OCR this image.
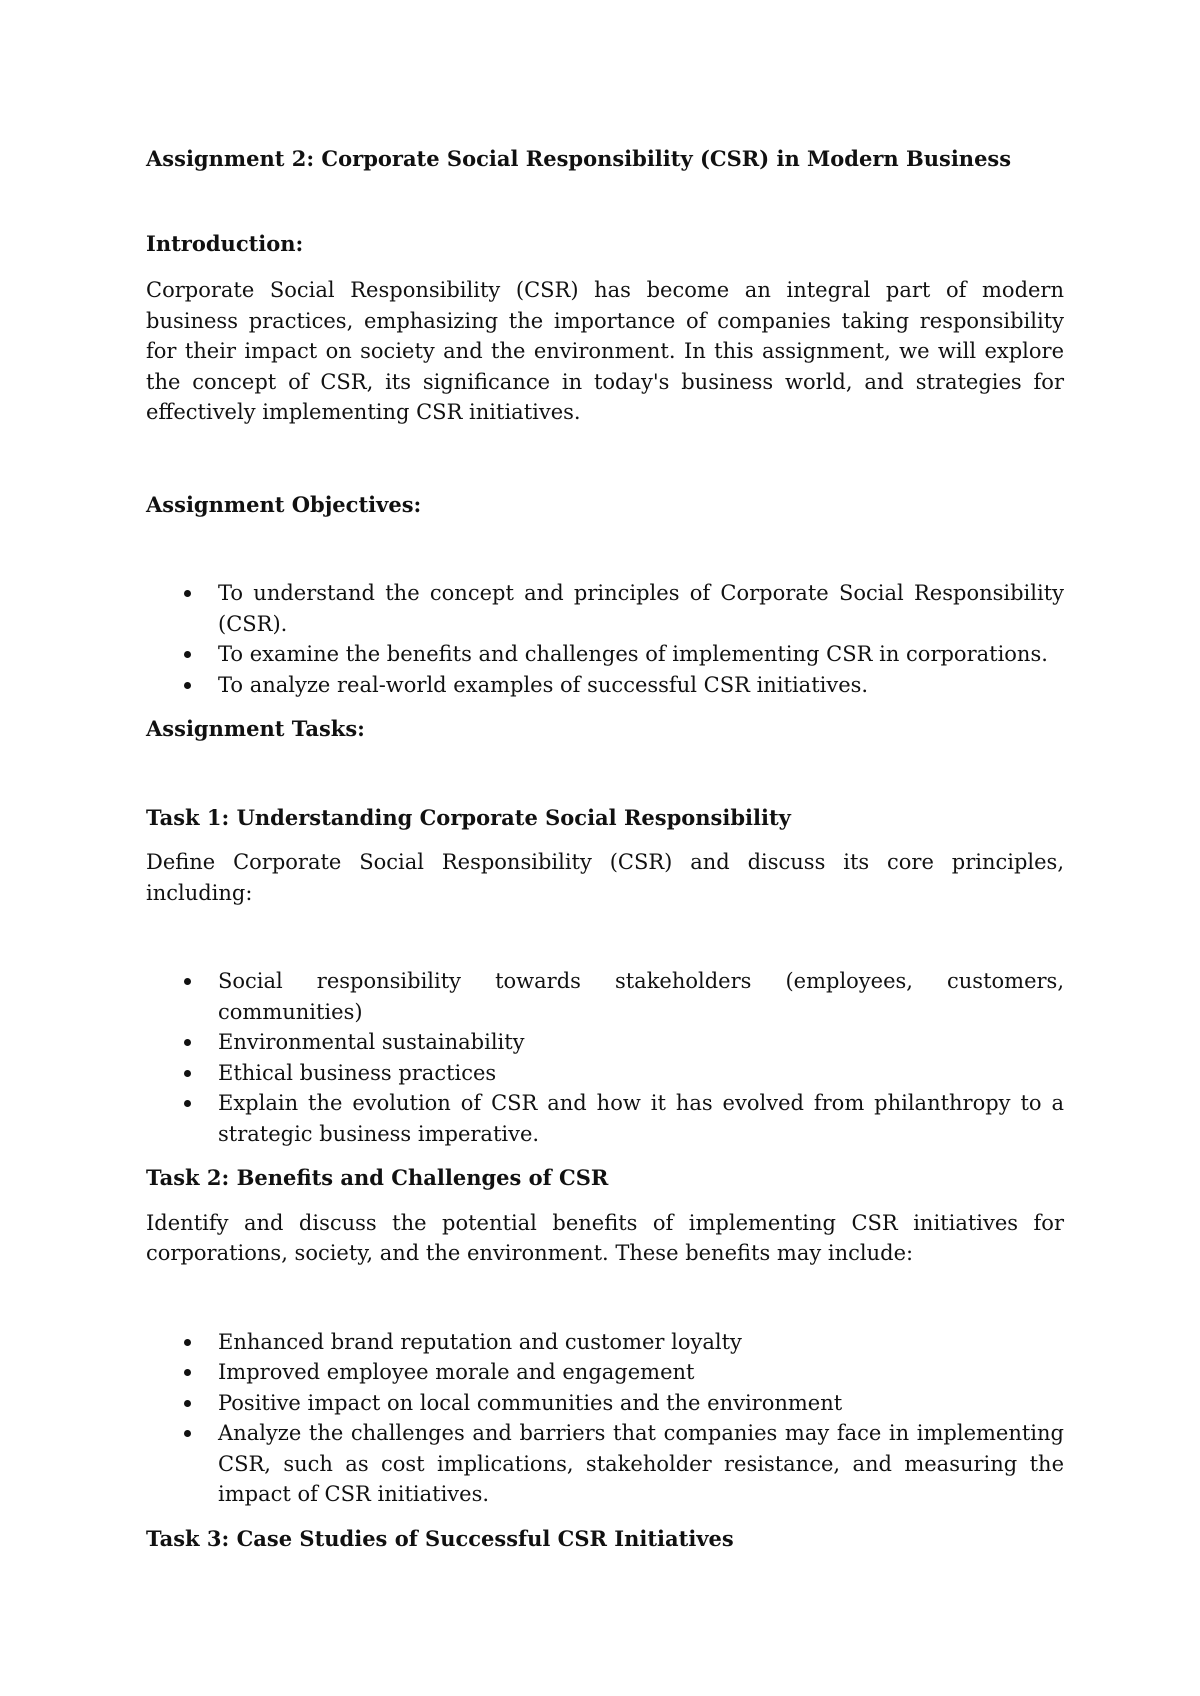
Assignment 2: Corporate Social Responsibility (CSR) in Modern Business

Introduction:

Corporate Social Responsibility (CSR) has become an integral part of modern business practices, emphasizing the importance of companies taking responsibility for their impact on society and the environment. In this assignment, we will explore the concept of CSR, its significance in today's business world, and strategies for effectively implementing CSR initiatives.

Assignment Objectives:

To understand the concept and principles of Corporate Social Responsibility (CSR).
To examine the benefits and challenges of implementing CSR in corporations.
To analyze real-world examples of successful CSR initiatives.

Assignment Tasks:

Task 1: Understanding Corporate Social Responsibility

Define Corporate Social Responsibility (CSR) and discuss its core principles, including:

Social responsibility towards stakeholders (employees, customers, communities)
Environmental sustainability
Ethical business practices
Explain the evolution of CSR and how it has evolved from philanthropy to a strategic business imperative.

Task 2: Benefits and Challenges of CSR

Identify and discuss the potential benefits of implementing CSR initiatives for corporations, society, and the environment. These benefits may include:

Enhanced brand reputation and customer loyalty
Improved employee morale and engagement
Positive impact on local communities and the environment
Analyze the challenges and barriers that companies may face in implementing CSR, such as cost implications, stakeholder resistance, and measuring the impact of CSR initiatives.

Task 3: Case Studies of Successful CSR Initiatives
